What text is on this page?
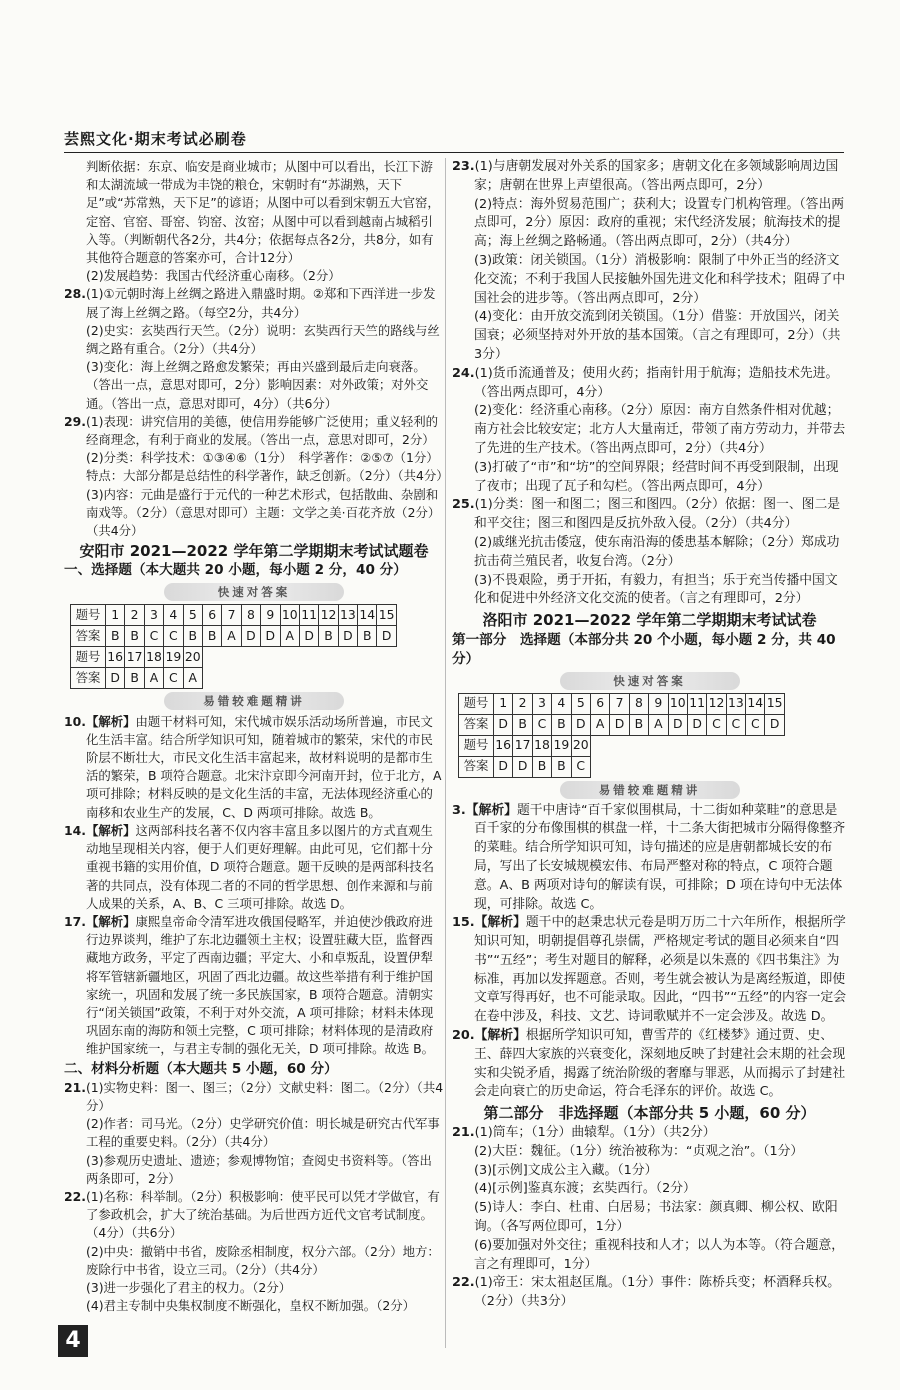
芸熙文化·期末考试必刷卷
判断依据：东京、临安是商业城市；从图中可以看出，长江下游和太湖流域一带成为丰饶的粮仓，宋朝时有“苏湖熟，天下足”或“苏常熟，天下足”的谚语；从图中可以看到宋朝五大官窑，定窑、官窑、哥窑、钧窑、汝窑；从图中可以看到越南占城稻引入等。（判断朝代各2分，共4分；依据每点各2分，共8分，如有其他符合题意的答案亦可，合计12分）
(2)发展趋势：我国古代经济重心南移。（2分）
28.(1)①元朝时海上丝绸之路进入鼎盛时期。②郑和下西洋进一步发展了海上丝绸之路。（每空2分，共4分）
(2)史实：玄奘西行天竺。（2分）说明：玄奘西行天竺的路线与丝绸之路有重合。（2分）（共4分）
(3)变化：海上丝绸之路愈发繁荣；再由兴盛到最后走向衰落。（答出一点，意思对即可，2分）影响因素：对外政策；对外交通。（答出一点，意思对即可，4分）（共6分）
29.(1)表现：讲究信用的美德，使信用券能够广泛使用；重义轻利的经商理念，有利于商业的发展。（答出一点，意思对即可，2分）
(2)分类：科学技术：①③④⑥（1分）　科学著作：②⑤⑦（1分）　特点：大部分都是总结性的科学著作，缺乏创新。（2分）（共4分）
(3)内容：元曲是盛行于元代的一种艺术形式，包括散曲、杂剧和南戏等。（2分）（意思对即可）主题：文学之美·百花齐放（2分）（共4分）
安阳市 2021—2022 学年第二学期期末考试试题卷
一、选择题（本大题共 20 小题，每小题 2 分，40 分）
快速对答案
题号	1	2	3	4	5	6	7	8	9	10	11	12	13	14	15
答案	B	B	C	C	B	B	A	D	D	A	D	B	D	B	D
题号	16	17	18	19	20										
答案	D	B	A	C	A										
易错较难题精讲
10.【解析】由题干材料可知，宋代城市娱乐活动场所普遍，市民文化生活丰富。结合所学知识可知，随着城市的繁荣，宋代的市民阶层不断壮大，市民文化生活丰富起来，故材料说明的是都市生活的繁荣，B 项符合题意。北宋汴京即今河南开封，位于北方，A 项可排除；材料反映的是文化生活的丰富，无法体现经济重心的南移和农业生产的发展，C、D 两项可排除。故选 B。
14.【解析】这两部科技名著不仅内容丰富且多以图片的方式直观生动地呈现相关内容，便于人们更好理解。由此可见，它们都十分重视书籍的实用价值，D 项符合题意。题干反映的是两部科技名著的共同点，没有体现二者的不同的哲学思想、创作来源和与前人成果的关系，A、B、C 三项可排除。故选 D。
17.【解析】康熙皇帝命令清军进攻俄国侵略军，并迫使沙俄政府进行边界谈判，维护了东北边疆领土主权；设置驻藏大臣，监督西藏地方政务，平定了西南边疆；平定大、小和卓叛乱，设置伊犁将军管辖新疆地区，巩固了西北边疆。故这些举措有利于维护国家统一，巩固和发展了统一多民族国家，B 项符合题意。清朝实行“闭关锁国”政策，不利于对外交流，A 项可排除；材料未体现巩固东南的海防和领土完整，C 项可排除；材料体现的是清政府维护国家统一，与君主专制的强化无关，D 项可排除。故选 B。
二、材料分析题（本大题共 5 小题，60 分）
21.(1)实物史料：图一、图三；（2分）文献史料：图二。（2分）（共4分）
(2)作者：司马光。（2分）史学研究价值：明长城是研究古代军事工程的重要史料。（2分）（共4分）
(3)参观历史遗址、遗迹；参观博物馆；查阅史书资料等。（答出两条即可，2分）
22.(1)名称：科举制。（2分）积极影响：使平民可以凭才学做官，有了参政机会，扩大了统治基础。为后世西方近代文官考试制度。（4分）（共6分）
(2)中央：撤销中书省，废除丞相制度，权分六部。（2分）地方：废除行中书省，设立三司。（2分）（共4分）
(3)进一步强化了君主的权力。（2分）
(4)君主专制中央集权制度不断强化，皇权不断加强。（2分）
23.(1)与唐朝发展对外关系的国家多；唐朝文化在多领域影响周边国家；唐朝在世界上声望很高。（答出两点即可，2分）
(2)特点：海外贸易范围广；获利大；设置专门机构管理。（答出两点即可，2分）原因：政府的重视；宋代经济发展；航海技术的提高；海上丝绸之路畅通。（答出两点即可，2分）（共4分）
(3)政策：闭关锁国。（1分）消极影响：限制了中外正当的经济文化交流；不利于我国人民接触外国先进文化和科学技术；阻碍了中国社会的进步等。（答出两点即可，2分）
(4)变化：由开放交流到闭关锁国。（1分）借鉴：开放国兴，闭关国衰；必须坚持对外开放的基本国策。（言之有理即可，2分）（共3分）
24.(1)货币流通普及；使用火药；指南针用于航海；造船技术先进。（答出两点即可，4分）
(2)变化：经济重心南移。（2分）原因：南方自然条件相对优越；南方社会比较安定；北方人大量南迁，带领了南方劳动力，并带去了先进的生产技术。（答出两点即可，2分）（共4分）
(3)打破了“市”和“坊”的空间界限；经营时间不再受到限制，出现了夜市；出现了瓦子和勾栏。（答出两点即可，4分）
25.(1)分类：图一和图二；图三和图四。（2分）依据：图一、图二是和平交往；图三和图四是反抗外敌入侵。（2分）（共4分）
(2)戚继光抗击倭寇，使东南沿海的倭患基本解除；（2分）郑成功抗击荷兰殖民者，收复台湾。（2分）
(3)不畏艰险，勇于开拓，有毅力，有担当；乐于充当传播中国文化和促进中外经济文化交流的使者。（言之有理即可，2分）
洛阳市 2021—2022 学年第二学期期末考试试卷
第一部分　选择题（本部分共 20 个小题，每小题 2 分，共 40 分）
快速对答案
题号	1	2	3	4	5	6	7	8	9	10	11	12	13	14	15
答案	D	B	C	B	D	A	D	B	A	D	D	C	C	C	D
题号	16	17	18	19	20										
答案	D	D	B	B	C										
易错较难题精讲
3.【解析】题干中唐诗“百千家似围棋局，十二街如种菜畦”的意思是百千家的分布像围棋的棋盘一样，十二条大街把城市分隔得像整齐的菜畦。结合所学知识可知，诗句描述的应是唐朝都城长安的布局，写出了长安城规模宏伟、布局严整对称的特点，C 项符合题意。A、B 两项对诗句的解读有误，可排除；D 项在诗句中无法体现，可排除。故选 C。
15.【解析】题干中的赵秉忠状元卷是明万历二十六年所作，根据所学知识可知，明朝提倡尊孔崇儒，严格规定考试的题目必须来自“四书”“五经”；考生对题目的解释，必须是以朱熹的《四书集注》为标准，再加以发挥题意。否则，考生就会被认为是离经叛道，即使文章写得再好，也不可能录取。因此，“四书”“五经”的内容一定会在卷中涉及，科技、文艺、诗词歌赋并不一定会涉及。故选 D。
20.【解析】根据所学知识可知，曹雪芹的《红楼梦》通过贾、史、王、薛四大家族的兴衰变化，深刻地反映了封建社会末期的社会现实和尖锐矛盾，揭露了统治阶级的奢靡与罪恶，从而揭示了封建社会走向衰亡的历史命运，符合毛泽东的评价。故选 C。
第二部分　非选择题（本部分共 5 小题，60 分）
21.(1)筒车；（1分）曲辕犁。（1分）（共2分）
(2)大臣：魏征。（1分）统治被称为：“贞观之治”。（1分）
(3)[示例]文成公主入藏。（1分）
(4)[示例]鉴真东渡；玄奘西行。（2分）
(5)诗人：李白、杜甫、白居易；书法家：颜真卿、柳公权、欧阳询。（各写两位即可，1分）
(6)要加强对外交往；重视科技和人才；以人为本等。（符合题意，言之有理即可，1分）
22.(1)帝王：宋太祖赵匡胤。（1分）事件：陈桥兵变；杯酒释兵权。（2分）（共3分）
4
